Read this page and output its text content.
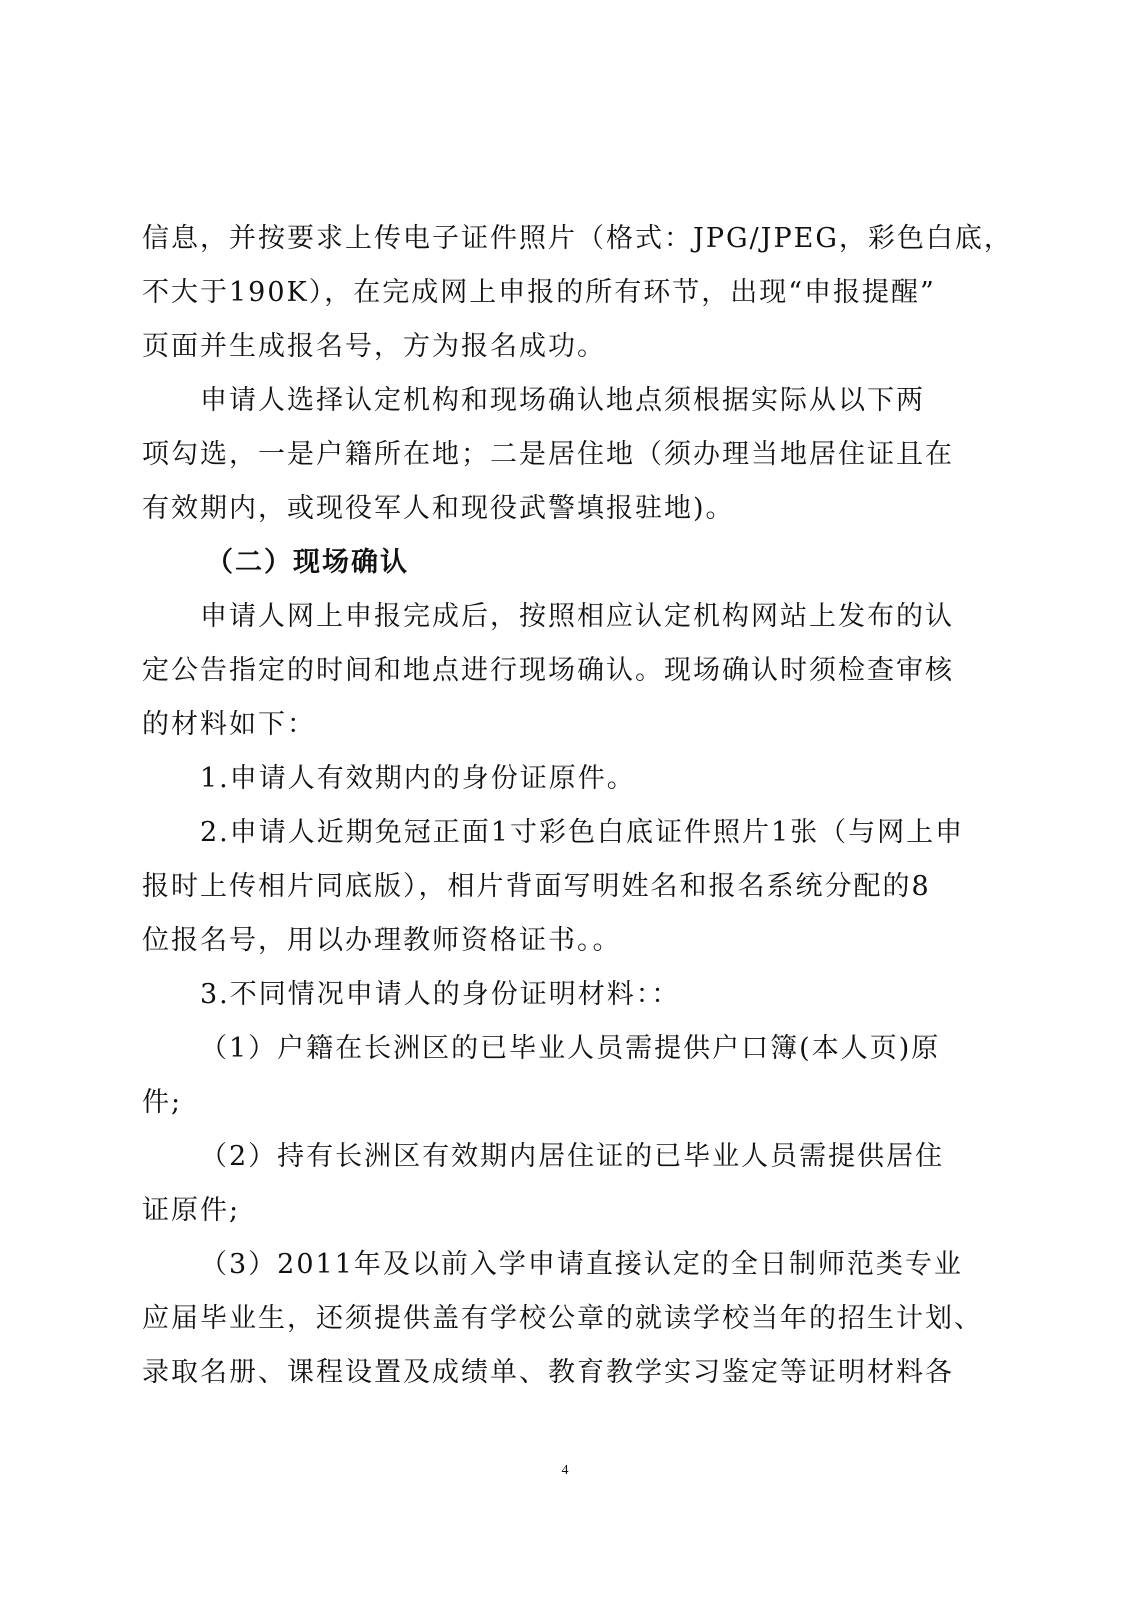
信息，并按要求上传电子证件照片（格式：JPG/JPEG，彩色白底，

不大于190K），在完成网上申报的所有环节，出现“申报提醒”

页面并生成报名号，方为报名成功。

申请人选择认定机构和现场确认地点须根据实际从以下两

项勾选，一是户籍所在地；二是居住地（须办理当地居住证且在

有效期内，或现役军人和现役武警填报驻地)。

（二）现场确认

申请人网上申报完成后，按照相应认定机构网站上发布的认

定公告指定的时间和地点进行现场确认。现场确认时须检查审核

的材料如下：

1.申请人有效期内的身份证原件。

2.申请人近期免冠正面1寸彩色白底证件照片1张（与网上申

报时上传相片同底版），相片背面写明姓名和报名系统分配的8

位报名号，用以办理教师资格证书。。

3.不同情况申请人的身份证明材料：：

（1）户籍在长洲区的已毕业人员需提供户口簿(本人页)原

件;

（2）持有长洲区有效期内居住证的已毕业人员需提供居住

证原件;

（3）2011年及以前入学申请直接认定的全日制师范类专业

应届毕业生，还须提供盖有学校公章的就读学校当年的招生计划、

录取名册、课程设置及成绩单、教育教学实习鉴定等证明材料各

4
